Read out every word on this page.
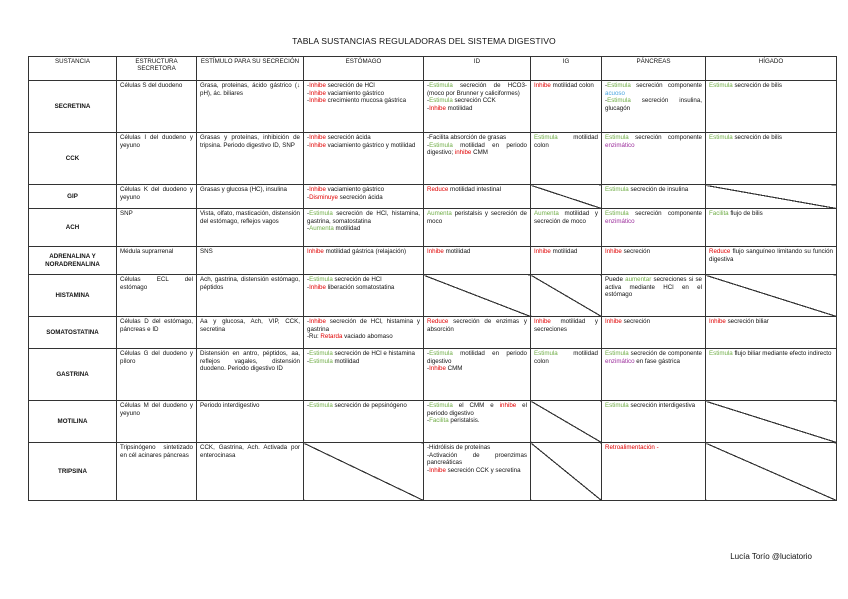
TABLA SUSTANCIAS REGULADORAS DEL SISTEMA DIGESTIVO
SUSTANCIA	ESTRUCTURA SECRETORA	ESTÍMULO PARA SU SECRECIÓN	ESTÓMAGO	ID	IG	PÁNCREAS	HÍGADO
SECRETINA	Células S del duodeno	Grasa, proteinas, ácido gástrico (↓ pH), ác. biliares	-Inhibe secreción de HCl
-Inhibe vaciamiento gástrico
-Inhibe crecimiento mucosa gástrica	-Estimula secreción de HCO3- (moco por Brunner y caliciformes)
-Estimula secreción CCK
-Inhibe motilidad	Inhibe motilidad colon	-Estimula secreción componente acuoso
-Estimula secreción insulina, glucagón	Estimula secreción de bilis

CCK	Células I del duodeno y yeyuno	Grasas y proteínas, inhibición de tripsina. Periodo digestivo ID, SNP	-Inhibe secreción ácida
-Inhibe vaciamiento gástrico y motilidad	-Facilita absorción de grasas
-Estimula motilidad en periodo digestivo; inhibe CMM	Estimula motilidad colon	Estimula secreción componente enzimático	Estimula secreción de bilis

GIP	Células K del duodeno y yeyuno	Grasas y glucosa (HC), insulina	-Inhibe vaciamiento gástrico
-Disminuye secreción ácida	Reduce motilidad intestinal		Estimula secreción de insulina	

ACH	SNP	Vista, olfato, masticación, distensión del estómago, reflejos vagos	-Estimula secreción de HCl, histamina, gastrina, somatostatina
-Aumenta motilidad	Aumenta peristalsis y secreción de moco	Aumenta motilidad y secreción de moco	Estimula secreción componente enzimático	Facilita flujo de bilis

ADRENALINA Y NORADRENALINA	Médula suprarrenal	SNS	Inhibe motilidad gástrica (relajación)	Inhibe motilidad	Inhibe motilidad	Inhibe secreción	Reduce flujo sanguíneo limitando su función digestiva

HISTAMINA	Células ECL del estómago	Ach, gastrina, distensión estómago, péptidos	-Estimula secreción de HCl
-Inhibe liberación somatostatina			Puede aumentar secreciones si se activa mediante HCl en el estómago	

SOMATOSTATINA	Células D del estómago, páncreas e ID	Aa y glucosa, Ach, VIP, CCK, secretina	-Inhibe secreción de HCl, histamina y gastrina
-Ru: Retarda vaciado abomaso	Reduce secreción de enzimas y absorción	Inhibe motilidad y secreciones	Inhibe secreción	Inhibe secreción biliar

GASTRINA	Células G del duodeno y píloro	Distensión en antro, péptidos, aa, reflejos vagales, distensión duodeno. Periodo digestivo ID	-Estimula secreción de HCl e histamina
-Estimula motilidad	-Estimula motilidad en periodo digestivo
-Inhibe CMM	Estimula motilidad colon	Estimula secreción de componente enzimático en fase gástrica	Estimula flujo biliar mediante efecto indirecto

MOTILINA	Células M del duodeno y yeyuno	Periodo interdigestivo	-Estimula secreción de pepsinógeno	-Estimula el CMM e inhibe el periodo digestivo
-Facilita peristalsis.		Estimula secreción interdigestiva	

TRIPSINA	Tripsinógeno sintetizado en cél acinares páncreas	CCK, Gastrina, Ach. Activada por enterocinasa		-Hidrólisis de proteínas
-Activación de proenzimas pancreáticas
-Inhibe secreción CCK y secretina		Retroalimentación -	

Lucía Torío @luciatorio
